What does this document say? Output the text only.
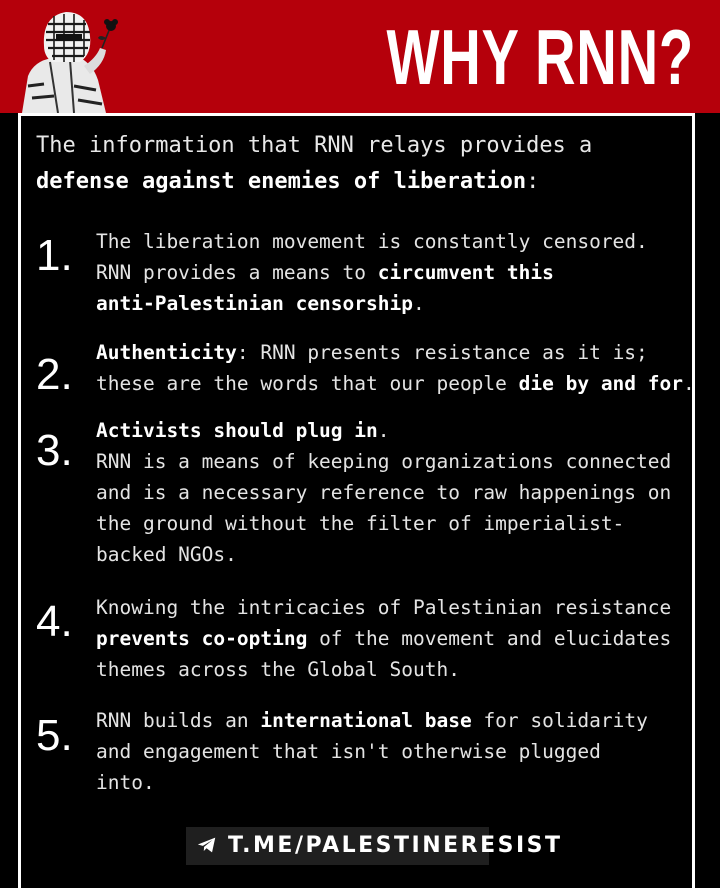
WHY RNN?
The information that RNN relays provides a
defense against enemies of liberation:
1. The liberation movement is constantly censored.
RNN provides a means to circumvent this
anti-Palestinian censorship.
2. Authenticity: RNN presents resistance as it is;
these are the words that our people die by and for.
3. Activists should plug in.
RNN is a means of keeping organizations connected
and is a necessary reference to raw happenings on
the ground without the filter of imperialist-
backed NGOs.
4. Knowing the intricacies of Palestinian resistance
prevents co-opting of the movement and elucidates
themes across the Global South.
5. RNN builds an international base for solidarity
and engagement that isn't otherwise plugged
into.
T.ME/PALESTINERESIST
